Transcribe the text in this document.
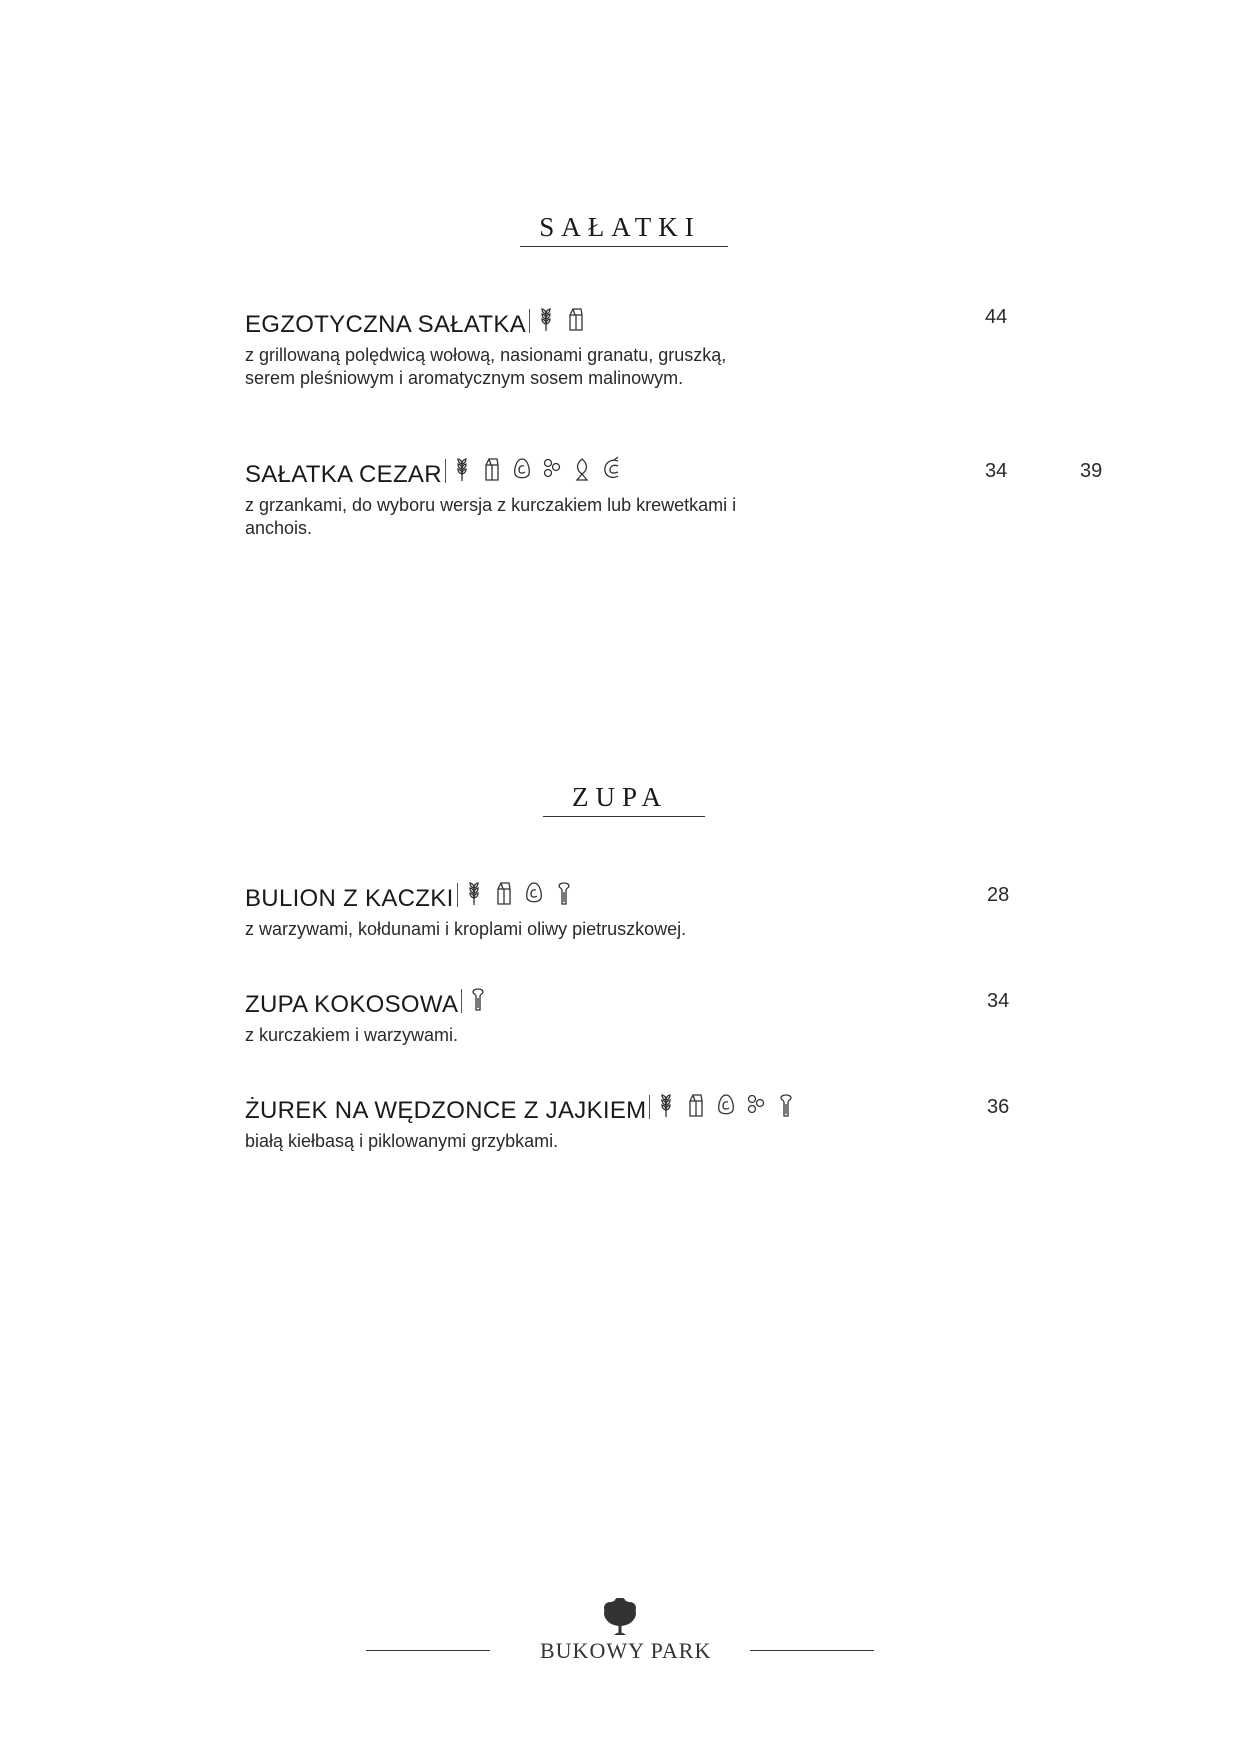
SAŁATKI
EGZOTYCZNA SAŁATKA
z grillowaną polędwicą wołową, nasionami granatu, gruszką, serem pleśniowym i aromatycznym sosem malinowym.
44
SAŁATKA CEZAR
z grzankami, do wyboru wersja z kurczakiem lub krewetkami i anchois.
34	39
ZUPA
BULION Z KACZKI
z warzywami, kołdunami i kroplami oliwy pietruszkowej.
28
ZUPA KOKOSOWA
z kurczakiem i warzywami.
34
ŻUREK NA WĘDZONCE Z JAJKIEM
białą kiełbasą i piklowanymi grzybkami.
36
BUKOWY PARK
